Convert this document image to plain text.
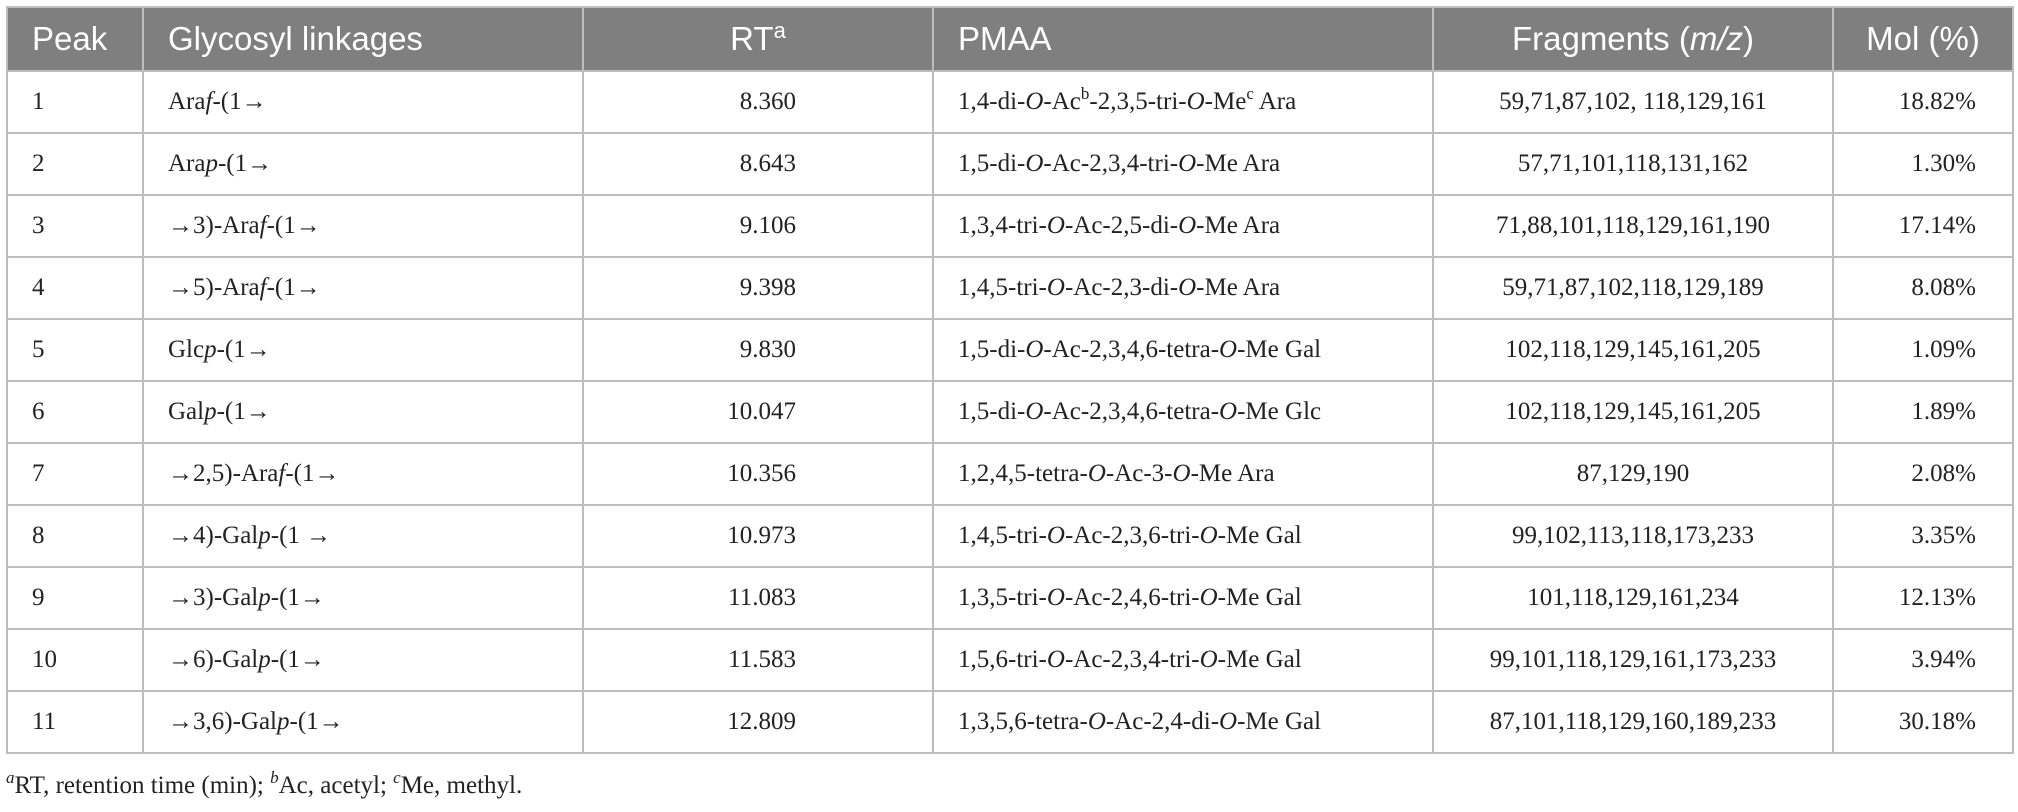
Peak	Glycosyl linkages	$RT^a$	PMAA	Fragments (m/z)	Mol (%)
1	Araf-(1→	8.360	1,4-di-O-Ac$^b$-2,3,5-tri-O-Me$^c$ Ara	59,71,87,102, 118,129,161	18.82%
2	Arap-(1→	8.643	1,5-di-O-Ac-2,3,4-tri-O-Me Ara	57,71,101,118,131,162	1.30%
3	→3)-Araf-(1→	9.106	1,3,4-tri-O-Ac-2,5-di-O-Me Ara	71,88,101,118,129,161,190	17.14%
4	→5)-Araf-(1→	9.398	1,4,5-tri-O-Ac-2,3-di-O-Me Ara	59,71,87,102,118,129,189	8.08%
5	Glcp-(1→	9.830	1,5-di-O-Ac-2,3,4,6-tetra-O-Me Gal	102,118,129,145,161,205	1.09%
6	Galp-(1→	10.047	1,5-di-O-Ac-2,3,4,6-tetra-O-Me Glc	102,118,129,145,161,205	1.89%
7	→2,5)-Araf-(1→	10.356	1,2,4,5-tetra-O-Ac-3-O-Me Ara	87,129,190	2.08%
8	→4)-Galp-(1 →	10.973	1,4,5-tri-O-Ac-2,3,6-tri-O-Me Gal	99,102,113,118,173,233	3.35%
9	→3)-Galp-(1→	11.083	1,3,5-tri-O-Ac-2,4,6-tri-O-Me Gal	101,118,129,161,234	12.13%
10	→6)-Galp-(1→	11.583	1,5,6-tri-O-Ac-2,3,4-tri-O-Me Gal	99,101,118,129,161,173,233	3.94%
11	→3,6)-Galp-(1→	12.809	1,3,5,6-tetra-O-Ac-2,4-di-O-Me Gal	87,101,118,129,160,189,233	30.18%
$^a$RT, retention time (min); $^b$Ac, acetyl; $^c$Me, methyl.
